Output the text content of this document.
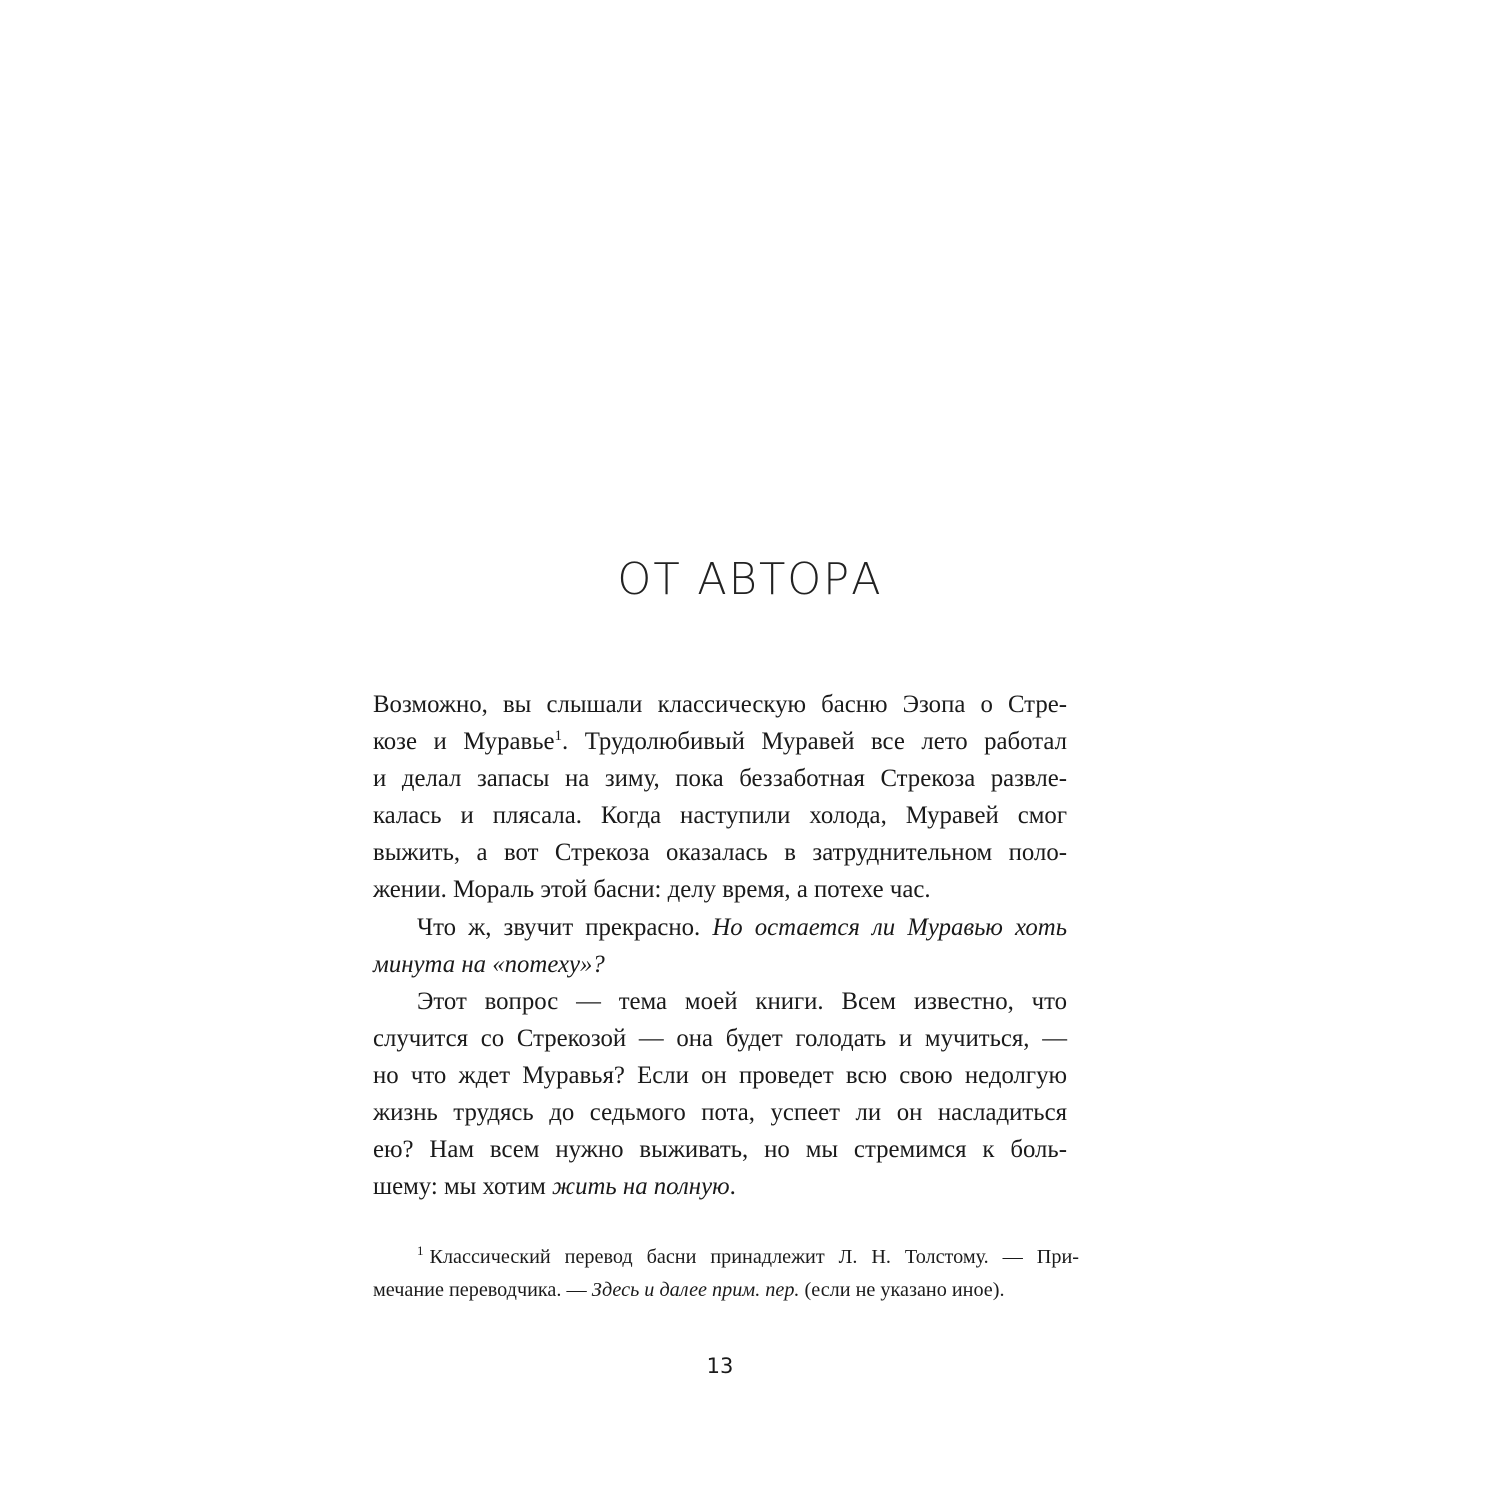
ОТ АВТОРА
Возможно, вы слышали классическую басню Эзопа о Стре-
козе и Муравье$^1$. Трудолюбивый Муравей все лето работал
и делал запасы на зиму, пока беззаботная Стрекоза развле-
калась и плясала. Когда наступили холода, Муравей смог
выжить, а вот Стрекоза оказалась в затруднительном поло-
жении. Мораль этой басни: делу время, а потехе час.
Что ж, звучит прекрасно. Но остается ли Муравью хоть
минута на «потеху»?
Этот вопрос — тема моей книги. Всем известно, что
случится со Стрекозой — она будет голодать и мучиться, —
но что ждет Муравья? Если он проведет всю свою недолгую
жизнь трудясь до седьмого пота, успеет ли он насладиться
ею? Нам всем нужно выживать, но мы стремимся к боль-
шему: мы хотим жить на полную.
$^1$ Классический перевод басни принадлежит Л. Н. Толстому. — При-
мечание переводчика. — Здесь и далее прим. пер. (если не указано иное).
13
